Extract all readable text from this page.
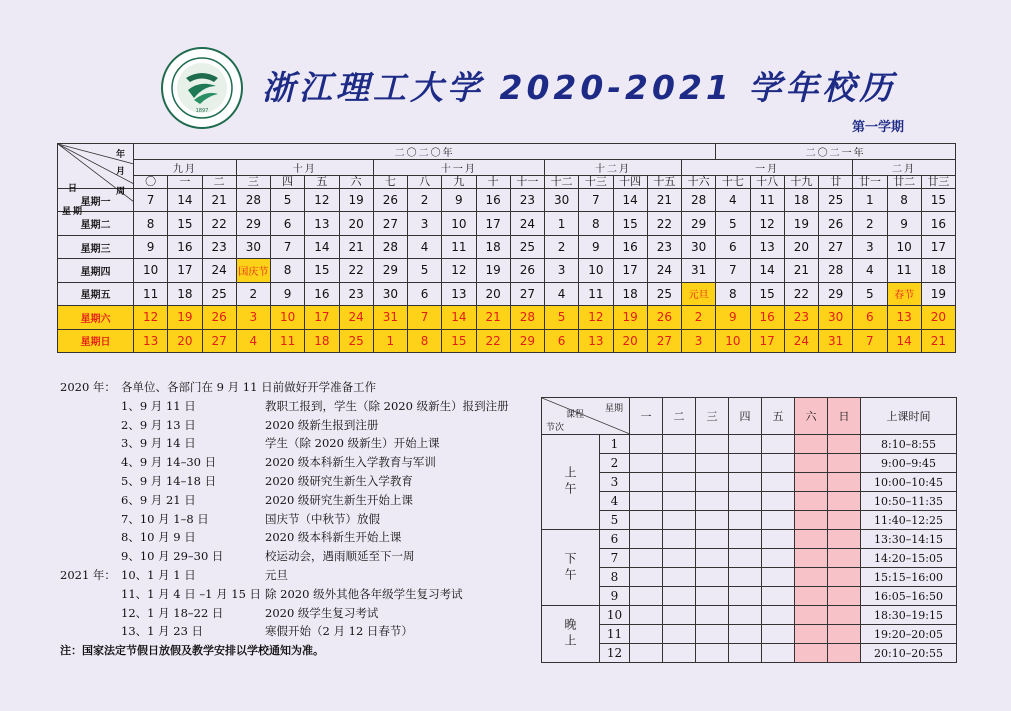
1897
浙江理工大学 2020-2021 学年校历
第一学期
年
月
日 周
星期	二〇二〇年																	二〇二一年						
	九月			十月				十一月					十二月				一月					二月		
	〇	一	二	三	四	五	六	七	八	九	十	十一	十二	十三	十四	十五	十六	十七	十八	十九	廿	廿一	廿二	廿三
星期一	7	14	21	28	5	12	19	26	2	9	16	23	30	7	14	21	28	4	11	18	25	1	8	15
星期二	8	15	22	29	6	13	20	27	3	10	17	24	1	8	15	22	29	5	12	19	26	2	9	16
星期三	9	16	23	30	7	14	21	28	4	11	18	25	2	9	16	23	30	6	13	20	27	3	10	17
星期四	10	17	24	国庆节	8	15	22	29	5	12	19	26	3	10	17	24	31	7	14	21	28	4	11	18
星期五	11	18	25	2	9	16	23	30	6	13	20	27	4	11	18	25	元旦	8	15	22	29	5	春节	19
星期六	12	19	26	3	10	17	24	31	7	14	21	28	5	12	19	26	2	9	16	23	30	6	13	20
星期日	13	20	27	4	11	18	25	1	8	15	22	29	6	13	20	27	3	10	17	24	31	7	14	21
2020 年： 各单位、各部门在 9 月 11 日前做好开学准备工作
1、9 月 11 日	教职工报到，学生（除 2020 级新生）报到注册
2、9 月 13 日	2020 级新生报到注册
3、9 月 14 日	学生（除 2020 级新生）开始上课
4、9 月 14–30 日	2020 级本科新生入学教育与军训
5、9 月 14–18 日	2020 级研究生新生入学教育
6、9 月 21 日	2020 级研究生新生开始上课
7、10 月 1–8 日	国庆节（中秋节）放假
8、10 月 9 日	2020 级本科新生开始上课
9、10 月 29–30 日	校运动会，遇雨顺延至下一周
2021 年： 10、1 月 1 日	元旦
11、1 月 4 日 –1 月 15 日 除 2020 级外其他各年级学生复习考试
12、1 月 18–22 日	2020 级学生复习考试
13、1 月 23 日	寒假开始（2 月 12 日春节）
注：国家法定节假日放假及教学安排以学校通知为准。
星期
课程
节次		一	二	三	四	五	六	日	上课时间
上午	1								8:10–8:55
	2								9:00–9:45
	3								10:00–10:45
	4								10:50–11:35
	5								11:40–12:25
下午	6								13:30–14:15
	7								14:20–15:05
	8								15:15–16:00
	9								16:05–16:50
晚上	10								18:30–19:15
	11								19:20–20:05
	12								20:10–20:55
